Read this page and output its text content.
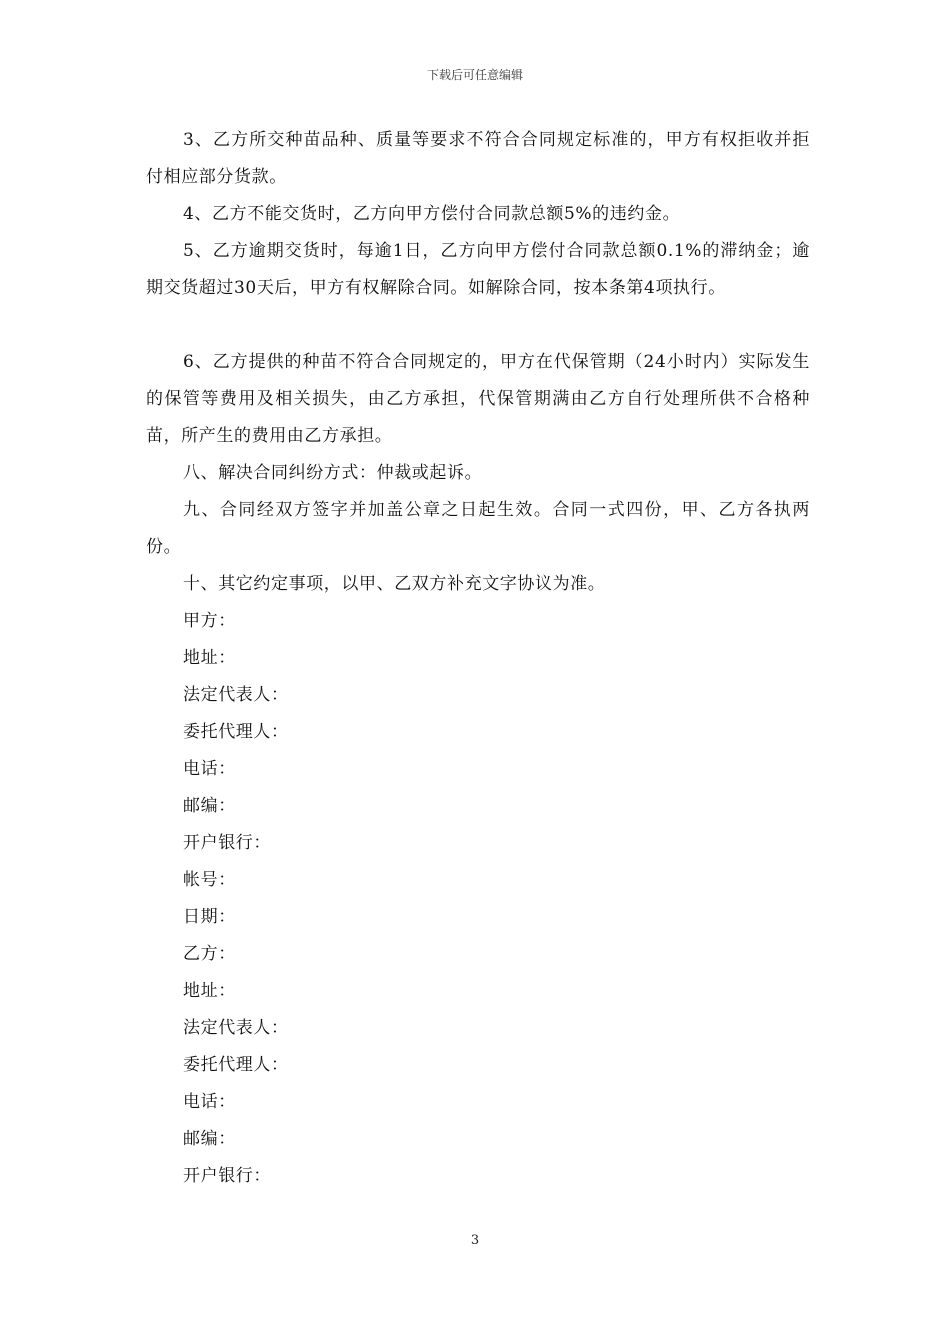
下载后可任意编辑

3、乙方所交种苗品种、质量等要求不符合合同规定标准的，甲方有权拒收并拒付相应部分货款。

4、乙方不能交货时，乙方向甲方偿付合同款总额5%的违约金。

5、乙方逾期交货时，每逾1日，乙方向甲方偿付合同款总额0.1%的滞纳金；逾期交货超过30天后，甲方有权解除合同。如解除合同，按本条第4项执行。

6、乙方提供的种苗不符合合同规定的，甲方在代保管期（24小时内）实际发生的保管等费用及相关损失，由乙方承担，代保管期满由乙方自行处理所供不合格种苗，所产生的费用由乙方承担。

八、解决合同纠纷方式：仲裁或起诉。

九、合同经双方签字并加盖公章之日起生效。合同一式四份，甲、乙方各执两份。

十、其它约定事项，以甲、乙双方补充文字协议为准。

甲方：

地址：

法定代表人：

委托代理人：

电话：

邮编：

开户银行：

帐号：

日期：

乙方：

地址：

法定代表人：

委托代理人：

电话：

邮编：

开户银行：

3
